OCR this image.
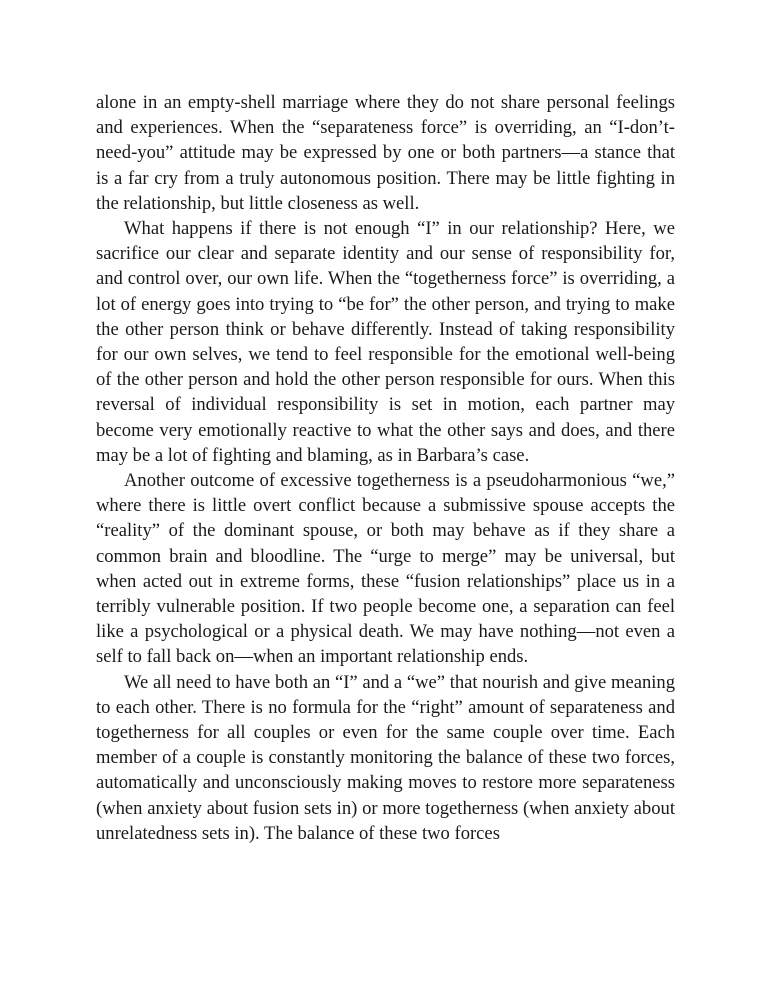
alone in an empty-shell marriage where they do not share personal feelings and experiences. When the “separateness force” is overriding, an “I-don’t-need-you” attitude may be expressed by one or both partners—a stance that is a far cry from a truly autonomous position. There may be little fighting in the relationship, but little closeness as well.

What happens if there is not enough “I” in our relationship? Here, we sacrifice our clear and separate identity and our sense of responsibility for, and control over, our own life. When the “togetherness force” is overriding, a lot of energy goes into trying to “be for” the other person, and trying to make the other person think or behave differently. Instead of taking responsibility for our own selves, we tend to feel responsible for the emotional well-being of the other person and hold the other person responsible for ours. When this reversal of individual responsibility is set in motion, each partner may become very emotionally reactive to what the other says and does, and there may be a lot of fighting and blaming, as in Barbara’s case.

Another outcome of excessive togetherness is a pseudoharmonious “we,” where there is little overt conflict because a submissive spouse accepts the “reality” of the dominant spouse, or both may behave as if they share a common brain and bloodline. The “urge to merge” may be universal, but when acted out in extreme forms, these “fusion relationships” place us in a terribly vulnerable position. If two people become one, a separation can feel like a psychological or a physical death. We may have nothing—not even a self to fall back on—when an important relationship ends.

We all need to have both an “I” and a “we” that nourish and give meaning to each other. There is no formula for the “right” amount of separateness and togetherness for all couples or even for the same couple over time. Each member of a couple is constantly monitoring the balance of these two forces, automatically and unconsciously making moves to restore more separateness (when anxiety about fusion sets in) or more togetherness (when anxiety about unrelatedness sets in). The balance of these two forces
